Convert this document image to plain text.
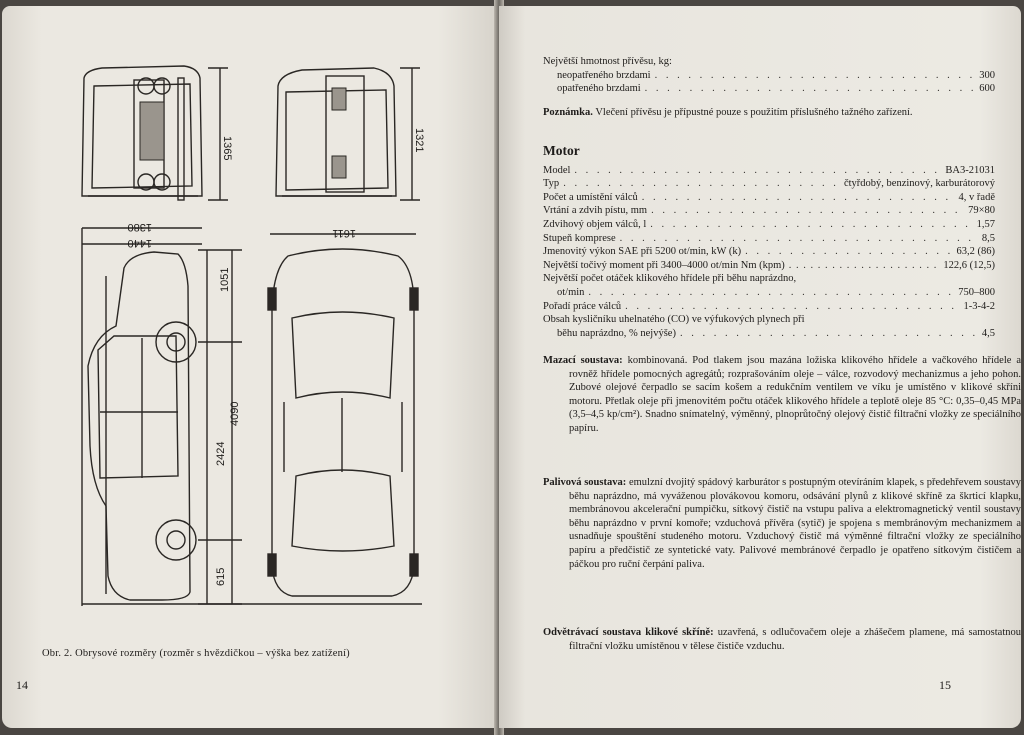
1365	1321
1380
1440
1611
1051
4090
2424
615
Obr. 2. Obrysové rozměry (rozměr s hvězdičkou – výška bez zatížení)
14
Největší hmotnost přívěsu, kg:
neopatřeného brzdami . . .	300
opatřeného brzdami . . .	600
Poznámka. Vlečení přívěsu je přípustné pouze s použitím příslušného tažného zařízení.
Motor
Model . . .	BA3-21031
Typ . . .	čtyřdobý, benzinový, karburátorový
Počet a umístění válců . . .	4, v řadě
Vrtání a zdvih pístu, mm . . .	79×80
Zdvihový objem válců, l . . .	1,57
Stupeň komprese . . .	8,5
Jmenovitý výkon SAE při 5200 ot/min, kW (k) . . .	63,2 (86)
Největší točivý moment při 3400–4000 ot/min Nm (kpm) . . .	122,6 (12,5)
Největší počet otáček klikového hřídele při běhu naprázdno,
ot/min . . .	750–800
Pořadí práce válců . . .	1-3-4-2
Obsah kysličníku uhelnatého (CO) ve výfukových plynech při
běhu naprázdno, % nejvýše) . . .	4,5
Mazací soustava: kombinovaná. Pod tlakem jsou mazána ložiska klikového hřídele a vačkového hřídele a rovněž hřídele pomocných agregátů; rozprašováním oleje – válce, rozvodový mechanizmus a jeho pohon. Zubové olejové čerpadlo se sacím košem a redukčním ventilem ve víku je umístěno v klikové skříni motoru. Přetlak oleje při jmenovitém počtu otáček klikového hřídele a teplotě oleje 85 °C: 0,35–0,45 MPa (3,5–4,5 kp/cm²). Snadno snímatelný, výměnný, plnoprůtočný olejový čistič filtrační vložky ze speciálního papíru.
Palivová soustava: emulzní dvojitý spádový karburátor s postupným otevíráním klapek, s předehřevem soustavy běhu naprázdno, má vyváženou plovákovou komoru, odsávání plynů z klikové skříně za škrticí klapku, membránovou akcelerační pumpičku, sítkový čistič na vstupu paliva a elektromagnetický ventil soustavy běhu naprázdno v první komoře; vzduchová přívěra (sytič) je spojena s membránovým mechanizmem a usnadňuje spouštění studeného motoru. Vzduchový čistič má výměnné filtrační vložky ze speciálního papíru a předčistič ze syntetické vaty. Palivové membránové čerpadlo je opatřeno sítkovým čističem a páčkou pro ruční čerpání paliva.
Odvětrávací soustava klikové skříně: uzavřená, s odlučovačem oleje a zhášečem plamene, má samostatnou filtrační vložku umístěnou v tělese čističe vzduchu.
15
